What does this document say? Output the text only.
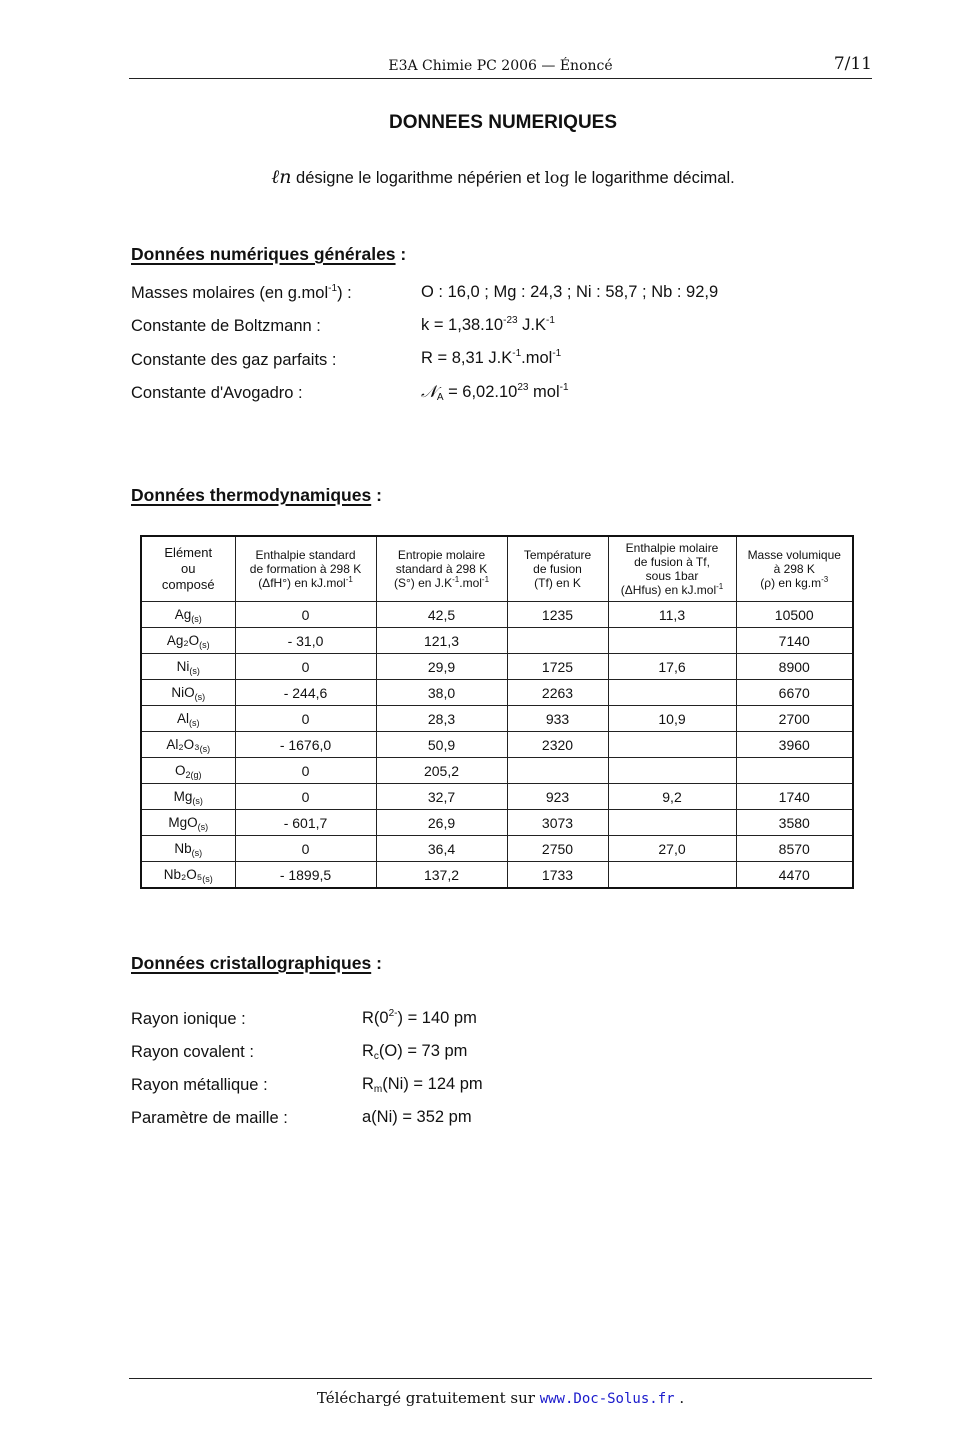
E3A Chimie PC 2006 — Énoncé	7/11
DONNEES NUMERIQUES
ℓn désigne le logarithme népérien et log le logarithme décimal.
Données numériques générales :
Masses molaires (en g.mol$^{-1}$) :	O : 16,0 ; Mg : 24,3 ; Ni : 58,7 ; Nb : 92,9
Constante de Boltzmann :	$k = 1,38.10^{-23}$ $J.K^{-1}$
Constante des gaz parfaits :	R = 8,31 $J.K^{-1}.mol^{-1}$
Constante d'Avogadro :	𝒩$_A$ = $6,02.10^{23}$ mol$^{-1}$
Données thermodynamiques :
Elément
ou
composé	Enthalpie standard
de formation à 298 K
(ΔfH°) en kJ.mol$^{-1}$	Entropie molaire
standard à 298 K
(S°) en $J.K^{-1}.mol^{-1}$	Température
de fusion
(Tf) en K	Enthalpie molaire
de fusion à Tf,
sous 1bar
(ΔHfus) en kJ.mol$^{-1}$	Masse volumique
à 298 K
(ρ) en $kg.m^{-3}$
$Ag_{(s)}$	0	42,5	1235	11,3	10500
$Ag_2O_{(s)}$	- 31,0	121,3			7140
$Ni_{(s)}$	0	29,9	1725	17,6	8900
NiO$_{(s)}$	- 244,6	38,0	2263		6670
$Al_{(s)}$	0	28,3	933	10,9	2700
$Al_2O_3_{(s)}$	- 1676,0	50,9	2320		3960
$O_{2(g)}$	0	205,2			
$Mg_{(s)}$	0	32,7	923	9,2	1740
MgO$_{(s)}$	- 601,7	26,9	3073		3580
$Nb_{(s)}$	0	36,4	2750	27,0	8570
$Nb_2O_5_{(s)}$	- 1899,5	137,2	1733		4470
Données cristallographiques :
Rayon ionique :	$R(0^{2-}) = 140$ pm
Rayon covalent :	$R_c(O) = 73$ pm
Rayon métallique :	$R_m(Ni) = 124$ pm
Paramètre de maille :	a(Ni) = 352 pm
Téléchargé gratuitement sur www.Doc-Solus.fr .
